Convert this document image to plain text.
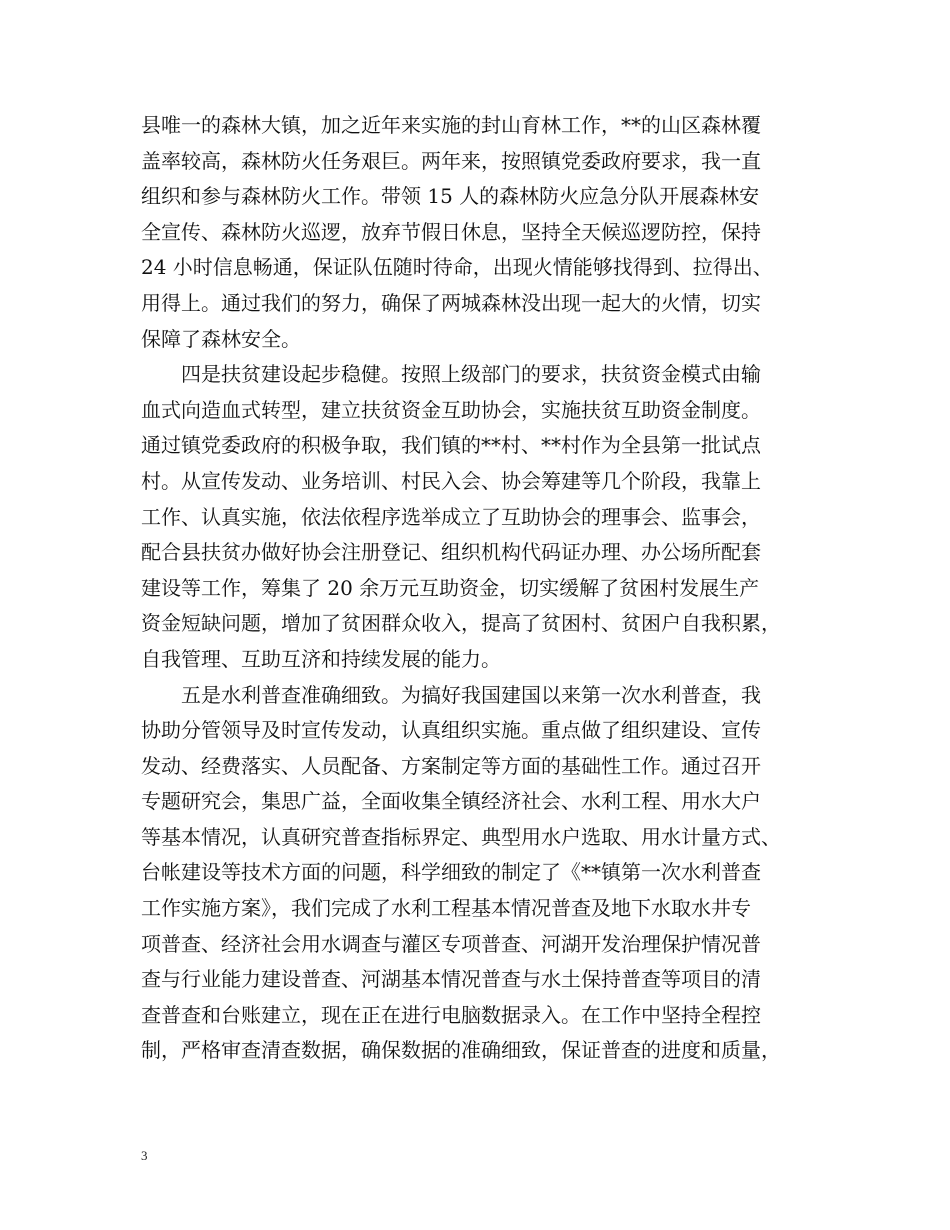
县唯一的森林大镇，加之近年来实施的封山育林工作，**的山区森林覆
盖率较高，森林防火任务艰巨。两年来，按照镇党委政府要求，我一直
组织和参与森林防火工作。带领 15 人的森林防火应急分队开展森林安
全宣传、森林防火巡逻，放弃节假日休息，坚持全天候巡逻防控，保持
24 小时信息畅通，保证队伍随时待命，出现火情能够找得到、拉得出、
用得上。通过我们的努力，确保了两城森林没出现一起大的火情，切实
保障了森林安全。
　　四是扶贫建设起步稳健。按照上级部门的要求，扶贫资金模式由输
血式向造血式转型，建立扶贫资金互助协会，实施扶贫互助资金制度。
通过镇党委政府的积极争取，我们镇的**村、**村作为全县第一批试点
村。从宣传发动、业务培训、村民入会、协会筹建等几个阶段，我靠上
工作、认真实施，依法依程序选举成立了互助协会的理事会、监事会，
配合县扶贫办做好协会注册登记、组织机构代码证办理、办公场所配套
建设等工作，筹集了 20 余万元互助资金，切实缓解了贫困村发展生产
资金短缺问题，增加了贫困群众收入，提高了贫困村、贫困户自我积累，
自我管理、互助互济和持续发展的能力。
　　五是水利普查准确细致。为搞好我国建国以来第一次水利普查，我
协助分管领导及时宣传发动，认真组织实施。重点做了组织建设、宣传
发动、经费落实、人员配备、方案制定等方面的基础性工作。通过召开
专题研究会，集思广益，全面收集全镇经济社会、水利工程、用水大户
等基本情况，认真研究普查指标界定、典型用水户选取、用水计量方式、
台帐建设等技术方面的问题，科学细致的制定了《**镇第一次水利普查
工作实施方案》，我们完成了水利工程基本情况普查及地下水取水井专
项普查、经济社会用水调查与灌区专项普查、河湖开发治理保护情况普
查与行业能力建设普查、河湖基本情况普查与水土保持普查等项目的清
查普查和台账建立，现在正在进行电脑数据录入。在工作中坚持全程控
制，严格审查清查数据，确保数据的准确细致，保证普查的进度和质量，
3
